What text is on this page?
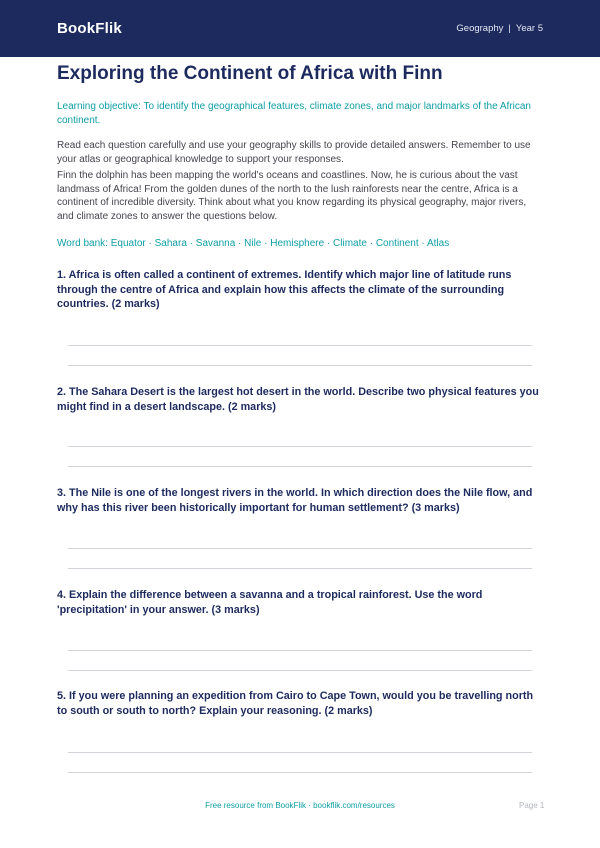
BookFlik	Geography | Year 5
Exploring the Continent of Africa with Finn

Learning objective: To identify the geographical features, climate zones, and major landmarks of the African continent.

Read each question carefully and use your geography skills to provide detailed answers. Remember to use your atlas or geographical knowledge to support your responses.

Finn the dolphin has been mapping the world's oceans and coastlines. Now, he is curious about the vast landmass of Africa! From the golden dunes of the north to the lush rainforests near the centre, Africa is a continent of incredible diversity. Think about what you know regarding its physical geography, major rivers, and climate zones to answer the questions below.

Word bank: Equator · Sahara · Savanna · Nile · Hemisphere · Climate · Continent · Atlas

1. Africa is often called a continent of extremes. Identify which major line of latitude runs through the centre of Africa and explain how this affects the climate of the surrounding countries. (2 marks)

2. The Sahara Desert is the largest hot desert in the world. Describe two physical features you might find in a desert landscape. (2 marks)

3. The Nile is one of the longest rivers in the world. In which direction does the Nile flow, and why has this river been historically important for human settlement? (3 marks)

4. Explain the difference between a savanna and a tropical rainforest. Use the word 'precipitation' in your answer. (3 marks)

5. If you were planning an expedition from Cairo to Cape Town, would you be travelling north to south or south to north? Explain your reasoning. (2 marks)

Free resource from BookFlik · bookflik.com/resources	Page 1
